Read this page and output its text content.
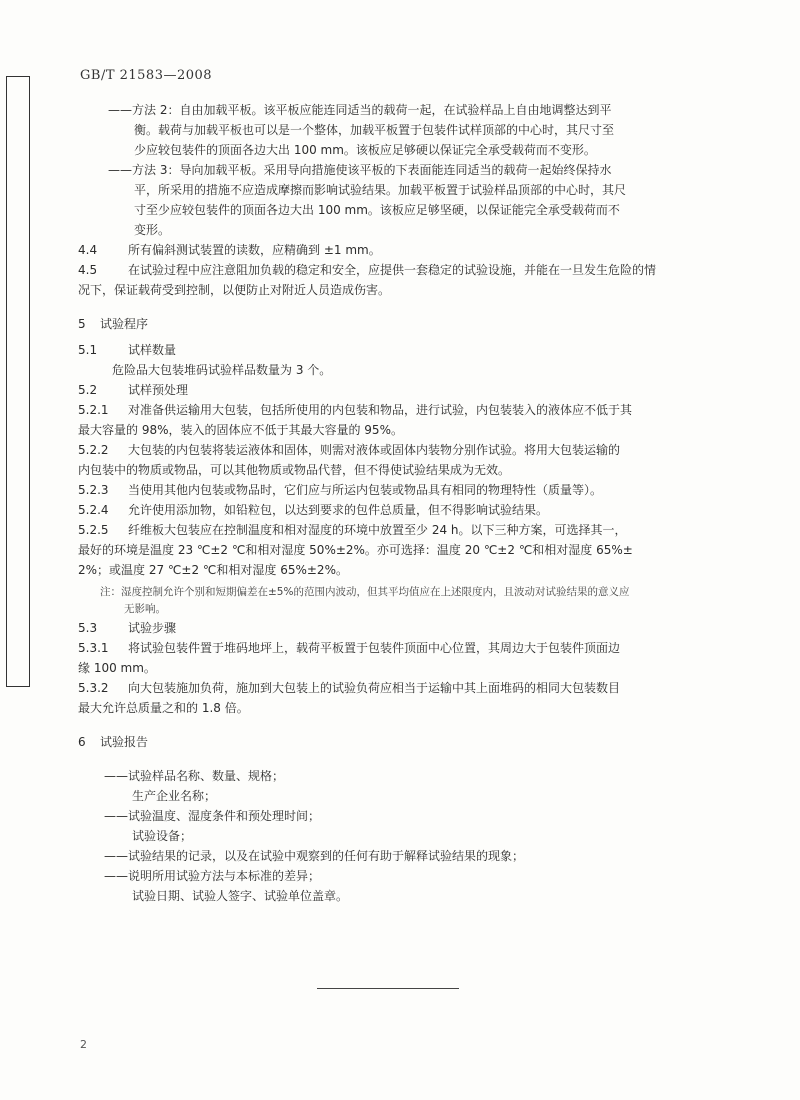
GB/T 21583—2008
——方法 2：自由加载平板。该平板应能连同适当的载荷一起，在试验样品上自由地调整达到平
衡。载荷与加载平板也可以是一个整体，加载平板置于包装件试样顶部的中心时，其尺寸至
少应较包装件的顶面各边大出 100 mm。该板应足够硬以保证完全承受载荷而不变形。
——方法 3：导向加载平板。采用导向措施使该平板的下表面能连同适当的载荷一起始终保持水
平，所采用的措施不应造成摩擦而影响试验结果。加载平板置于试验样品顶部的中心时，其尺
寸至少应较包装件的顶面各边大出 100 mm。该板应足够坚硬，以保证能完全承受载荷而不
变形。
4.4	所有偏斜测试装置的读数，应精确到 ±1 mm。
4.5	在试验过程中应注意阻加负载的稳定和安全，应提供一套稳定的试验设施，并能在一旦发生危险的情
况下，保证载荷受到控制，以便防止对附近人员造成伤害。
5 试验程序
5.1	试样数量
危险品大包装堆码试验样品数量为 3 个。
5.2	试样预处理
5.2.1 对准备供运输用大包装，包括所使用的内包装和物品，进行试验，内包装装入的液体应不低于其
最大容量的 98%，装入的固体应不低于其最大容量的 95%。
5.2.2 大包装的内包装将装运液体和固体，则需对液体或固体内装物分别作试验。将用大包装运输的
内包装中的物质或物品，可以其他物质或物品代替，但不得使试验结果成为无效。
5.2.3 当使用其他内包装或物品时，它们应与所运内包装或物品具有相同的物理特性（质量等）。
5.2.4 允许使用添加物，如铅粒包，以达到要求的包件总质量，但不得影响试验结果。
5.2.5 纤维板大包装应在控制温度和相对湿度的环境中放置至少 24 h。以下三种方案，可选择其一，
最好的环境是温度 23 ℃±2 ℃和相对湿度 50%±2%。亦可选择：温度 20 ℃±2 ℃和相对湿度 65%±
2%；或温度 27 ℃±2 ℃和相对湿度 65%±2%。
注：湿度控制允许个别和短期偏差在±5%的范围内波动，但其平均值应在上述限度内，且波动对试验结果的意义应
无影响。
5.3	试验步骤
5.3.1 将试验包装件置于堆码地坪上，载荷平板置于包装件顶面中心位置，其周边大于包装件顶面边
缘 100 mm。
5.3.2 向大包装施加负荷，施加到大包装上的试验负荷应相当于运输中其上面堆码的相同大包装数目
最大允许总质量之和的 1.8 倍。
6 试验报告
——试验样品名称、数量、规格；
生产企业名称；
——试验温度、湿度条件和预处理时间；
试验设备；
——试验结果的记录，以及在试验中观察到的任何有助于解释试验结果的现象；
——说明所用试验方法与本标准的差异；
试验日期、试验人签字、试验单位盖章。
2
